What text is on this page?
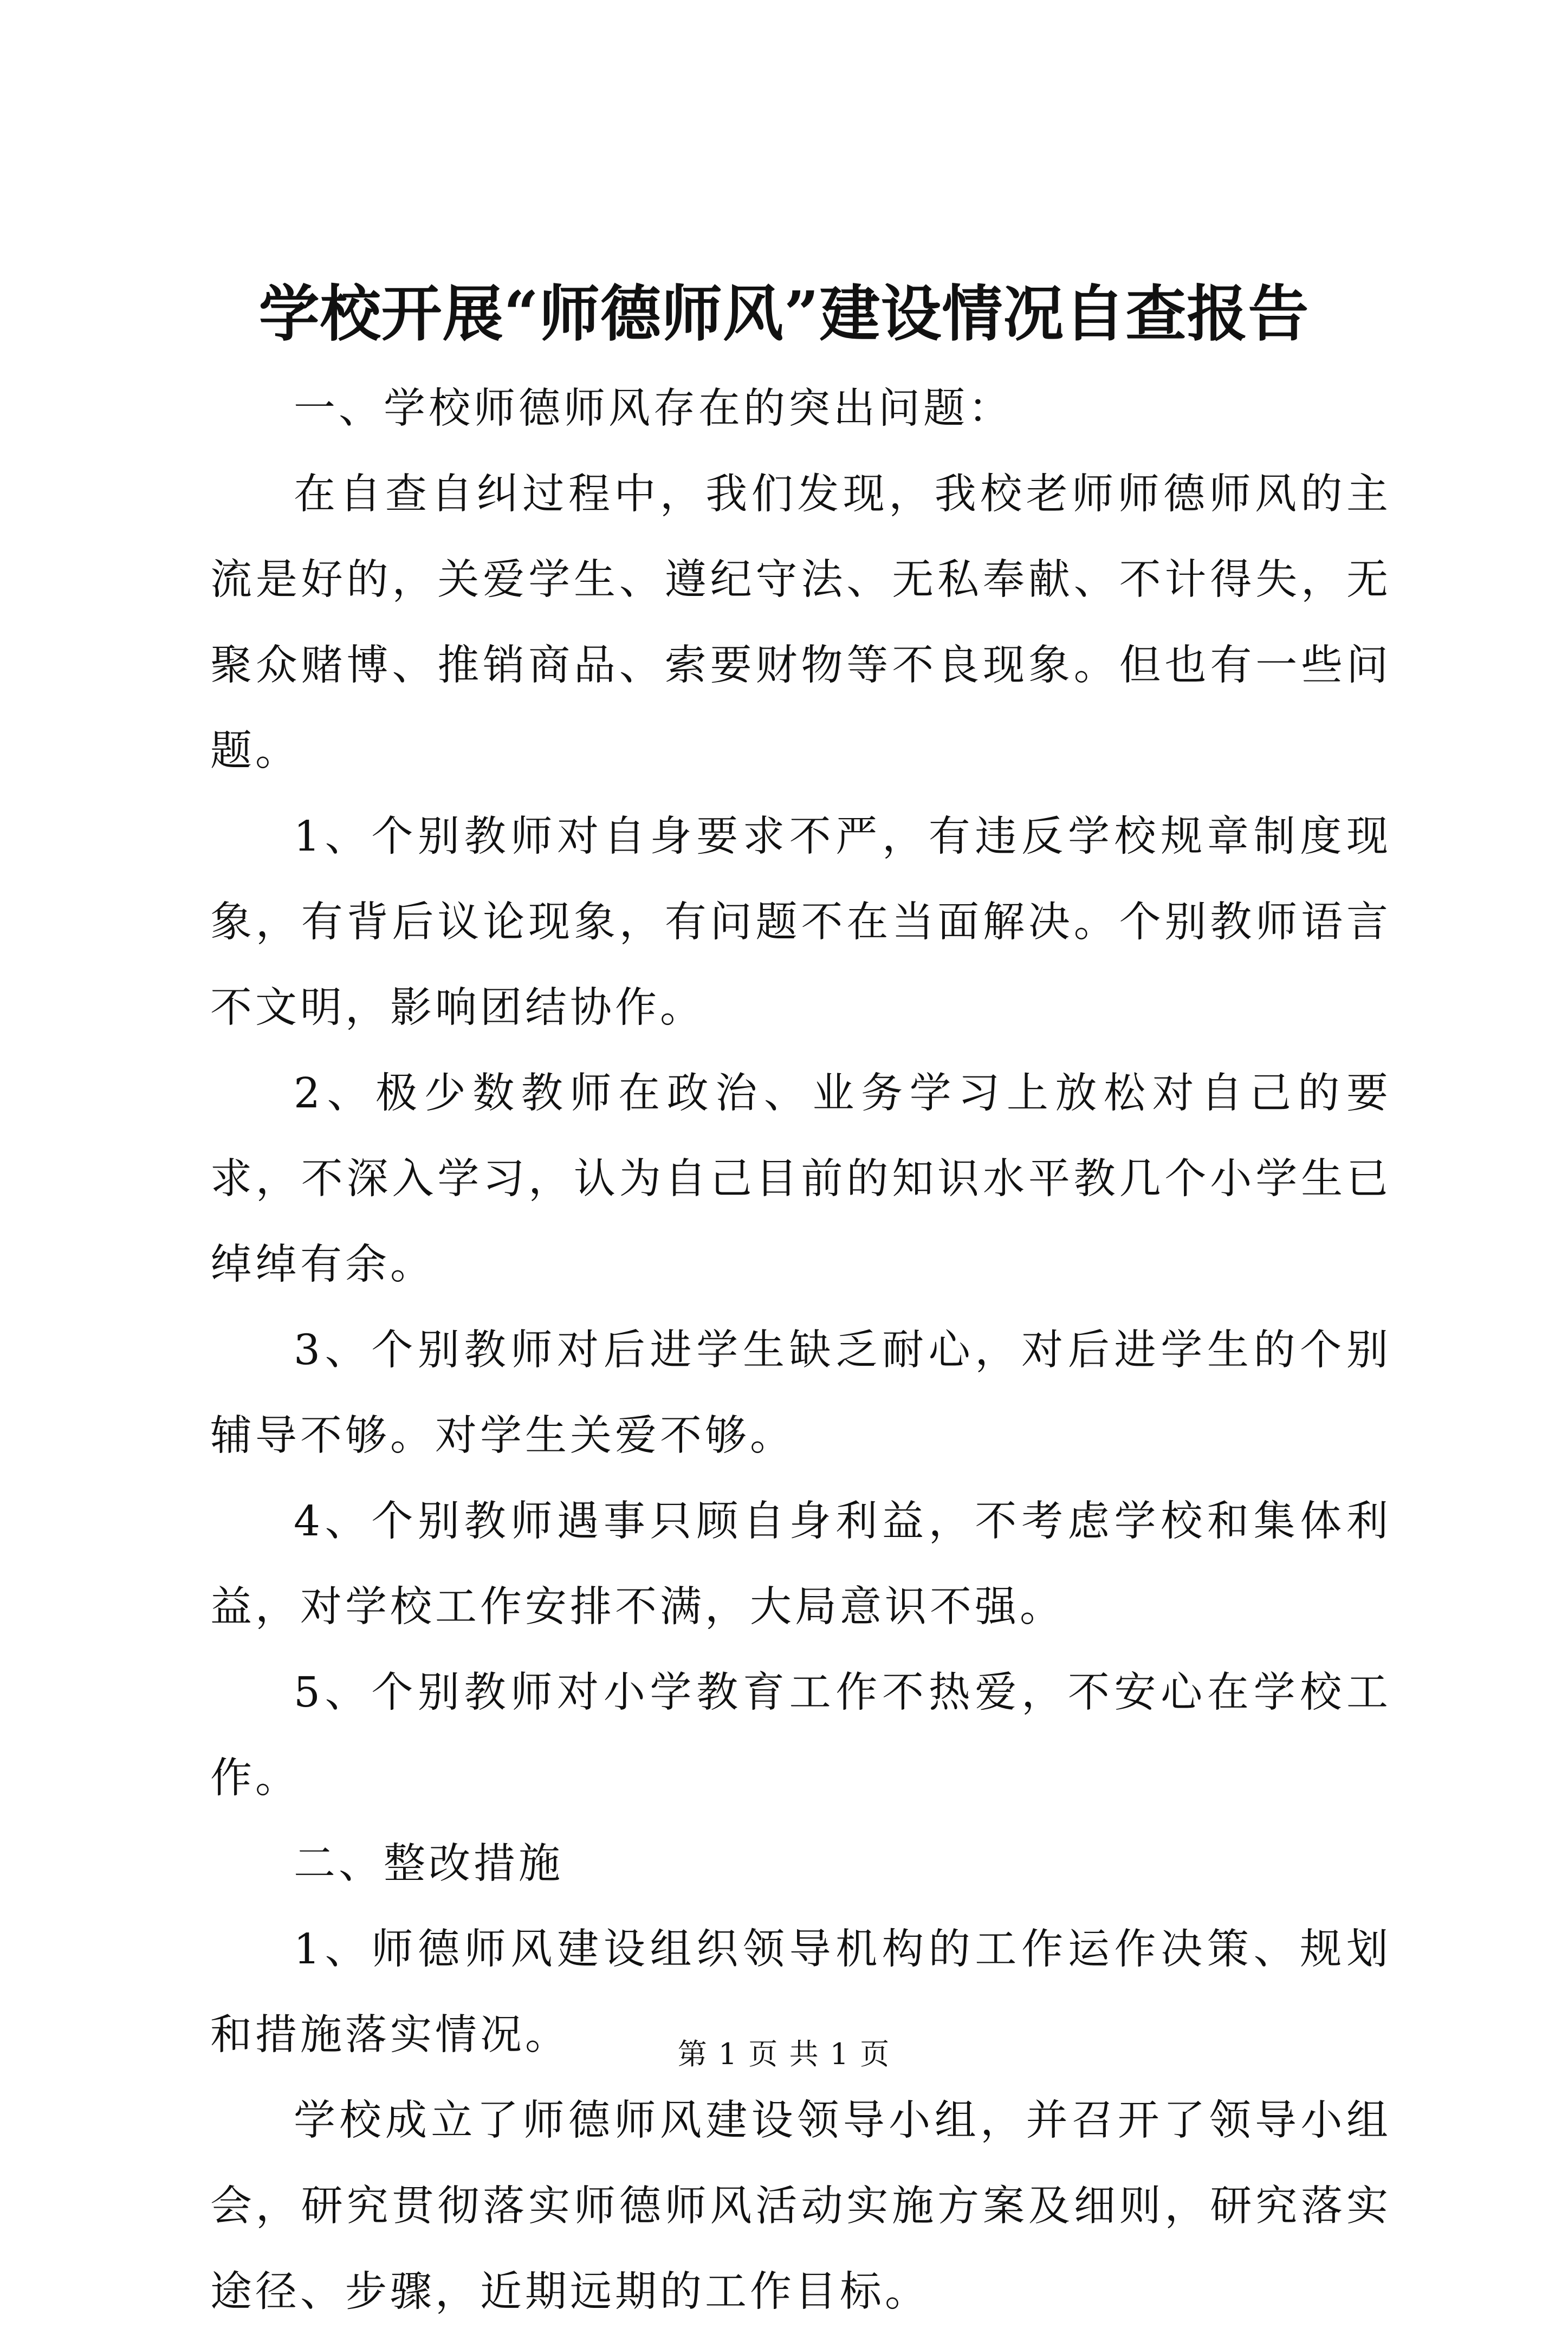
学校开展“师德师风”建设情况自查报告

一、学校师德师风存在的突出问题：

在自查自纠过程中，我们发现，我校老师师德师风的主流是好的，关爱学生、遵纪守法、无私奉献、不计得失，无聚众赌博、推销商品、索要财物等不良现象。但也有一些问题。

1、个别教师对自身要求不严，有违反学校规章制度现象，有背后议论现象，有问题不在当面解决。个别教师语言不文明，影响团结协作。

2、极少数教师在政治、业务学习上放松对自己的要求，不深入学习，认为自己目前的知识水平教几个小学生已绰绰有余。

3、个别教师对后进学生缺乏耐心，对后进学生的个别辅导不够。对学生关爱不够。

4、个别教师遇事只顾自身利益，不考虑学校和集体利益，对学校工作安排不满，大局意识不强。

5、个别教师对小学教育工作不热爱，不安心在学校工作。

二、整改措施

1、师德师风建设组织领导机构的工作运作决策、规划和措施落实情况。

学校成立了师德师风建设领导小组，并召开了领导小组会，研究贯彻落实师德师风活动实施方案及细则，研究落实途径、步骤，近期远期的工作目标。

第 1 页 共 1 页
